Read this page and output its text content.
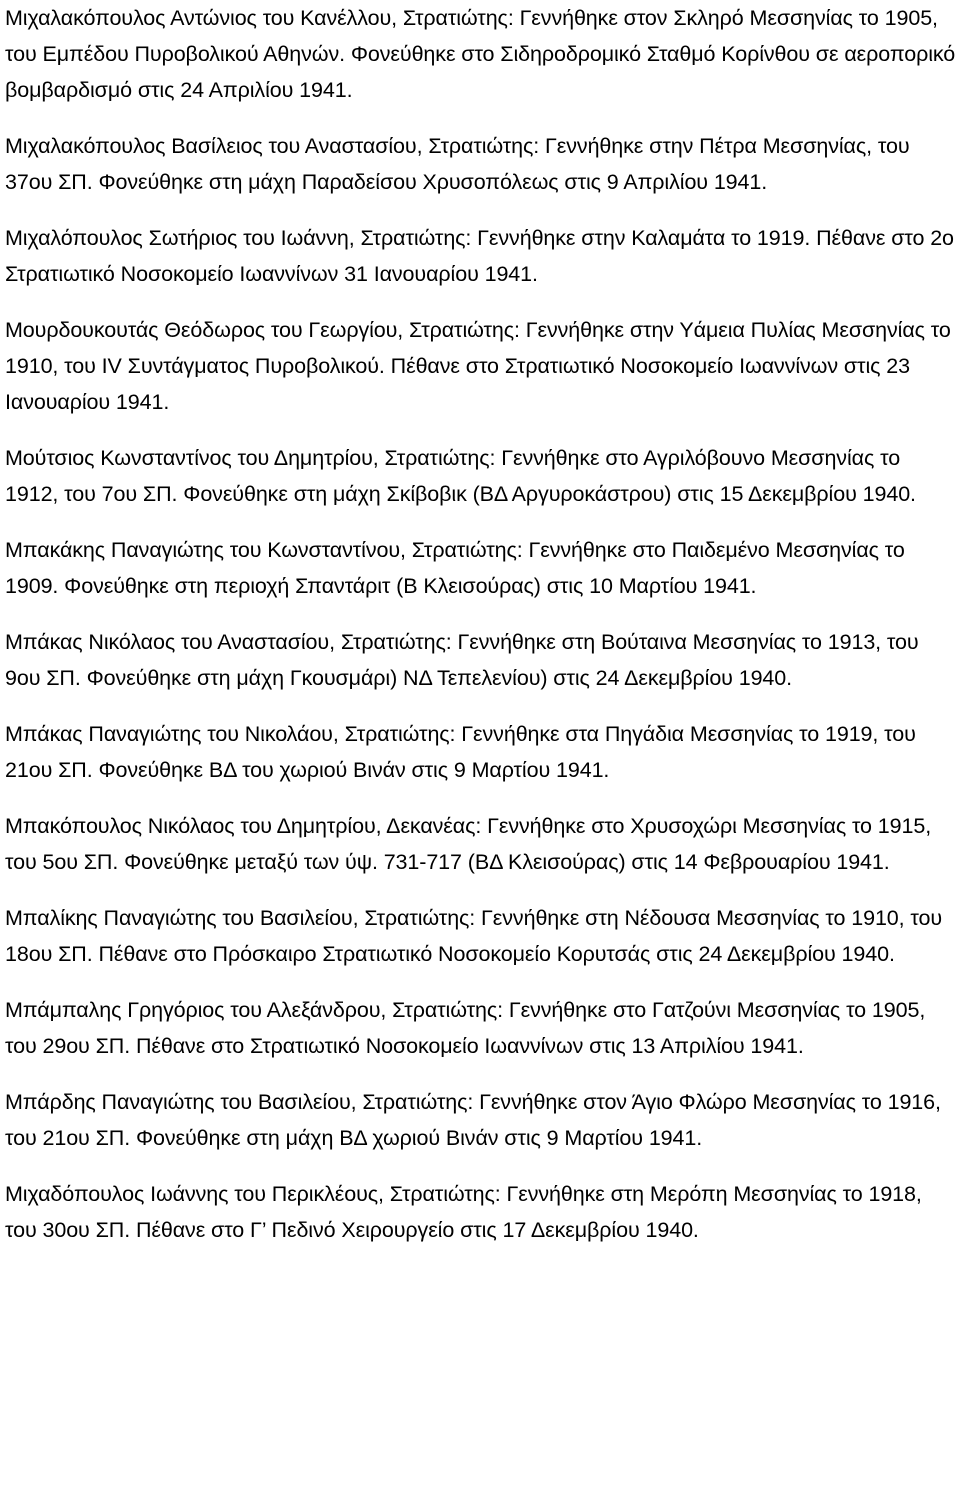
Μιχαλακόπουλος Αντώνιος του Κανέλλου, Στρατιώτης: Γεννήθηκε στον Σκληρό Μεσσηνίας το 1905, του Εμπέδου Πυροβολικού Αθηνών. Φονεύθηκε στο Σιδηροδρομικό Σταθμό Κορίνθου σε αεροπορικό βομβαρδισμό στις 24 Απριλίου 1941.

Μιχαλακόπουλος Βασίλειος του Αναστασίου, Στρατιώτης: Γεννήθηκε στην Πέτρα Μεσσηνίας, του 37ου ΣΠ. Φονεύθηκε στη μάχη Παραδείσου Χρυσοπόλεως στις 9 Απριλίου 1941.

Μιχαλόπουλος Σωτήριος του Ιωάννη, Στρατιώτης: Γεννήθηκε στην Καλαμάτα το 1919. Πέθανε στο 2ο Στρατιωτικό Νοσοκομείο Ιωαννίνων 31 Ιανουαρίου 1941.

Μουρδουκουτάς Θεόδωρος του Γεωργίου, Στρατιώτης: Γεννήθηκε στην Υάμεια Πυλίας Μεσσηνίας το 1910, του IV Συντάγματος Πυροβολικού. Πέθανε στο Στρατιωτικό Νοσοκομείο Ιωαννίνων στις 23 Ιανουαρίου 1941.

Μούτσιος Κωνσταντίνος του Δημητρίου, Στρατιώτης: Γεννήθηκε στο Αγριλόβουνο Μεσσηνίας το 1912, του 7ου ΣΠ. Φονεύθηκε στη μάχη Σκίβοβικ (ΒΔ Αργυροκάστρου) στις 15 Δεκεμβρίου 1940.

Μπακάκης Παναγιώτης του Κωνσταντίνου, Στρατιώτης: Γεννήθηκε στο Παιδεμένο Μεσσηνίας το 1909. Φονεύθηκε στη περιοχή Σπαντάριτ (Β Κλεισούρας) στις 10 Μαρτίου 1941.

Μπάκας Νικόλαος του Αναστασίου, Στρατιώτης: Γεννήθηκε στη Βούταινα Μεσσηνίας το 1913, του 9ου ΣΠ. Φονεύθηκε στη μάχη Γκουσμάρι) ΝΔ Τεπελενίου) στις 24 Δεκεμβρίου 1940.

Μπάκας Παναγιώτης του Νικολάου, Στρατιώτης: Γεννήθηκε στα Πηγάδια Μεσσηνίας το 1919, του 21ου ΣΠ. Φονεύθηκε ΒΔ του χωριού Βινάν στις 9 Μαρτίου 1941.

Μπακόπουλος Νικόλαος του Δημητρίου, Δεκανέας: Γεννήθηκε στο Χρυσοχώρι Μεσσηνίας το 1915, του 5ου ΣΠ. Φονεύθηκε μεταξύ των ύψ. 731-717 (ΒΔ Κλεισούρας) στις 14 Φεβρουαρίου 1941.

Μπαλίκης Παναγιώτης του Βασιλείου, Στρατιώτης: Γεννήθηκε στη Νέδουσα Μεσσηνίας το 1910, του 18ου ΣΠ. Πέθανε στο Πρόσκαιρο Στρατιωτικό Νοσοκομείο Κορυτσάς στις 24 Δεκεμβρίου 1940.

Μπάμπαλης Γρηγόριος του Αλεξάνδρου, Στρατιώτης: Γεννήθηκε στο Γατζούνι Μεσσηνίας το 1905, του 29ου ΣΠ. Πέθανε στο Στρατιωτικό Νοσοκομείο Ιωαννίνων στις 13 Απριλίου 1941.

Μπάρδης Παναγιώτης του Βασιλείου, Στρατιώτης: Γεννήθηκε στον Άγιο Φλώρο Μεσσηνίας το 1916, του 21ου ΣΠ. Φονεύθηκε στη μάχη ΒΔ χωριού Βινάν στις 9 Μαρτίου 1941.

Μιχαδόπουλος Ιωάννης του Περικλέους, Στρατιώτης: Γεννήθηκε στη Μερόπη Μεσσηνίας το 1918, του 30ου ΣΠ. Πέθανε στο Γ’ Πεδινό Χειρουργείο στις 17 Δεκεμβρίου 1940.
